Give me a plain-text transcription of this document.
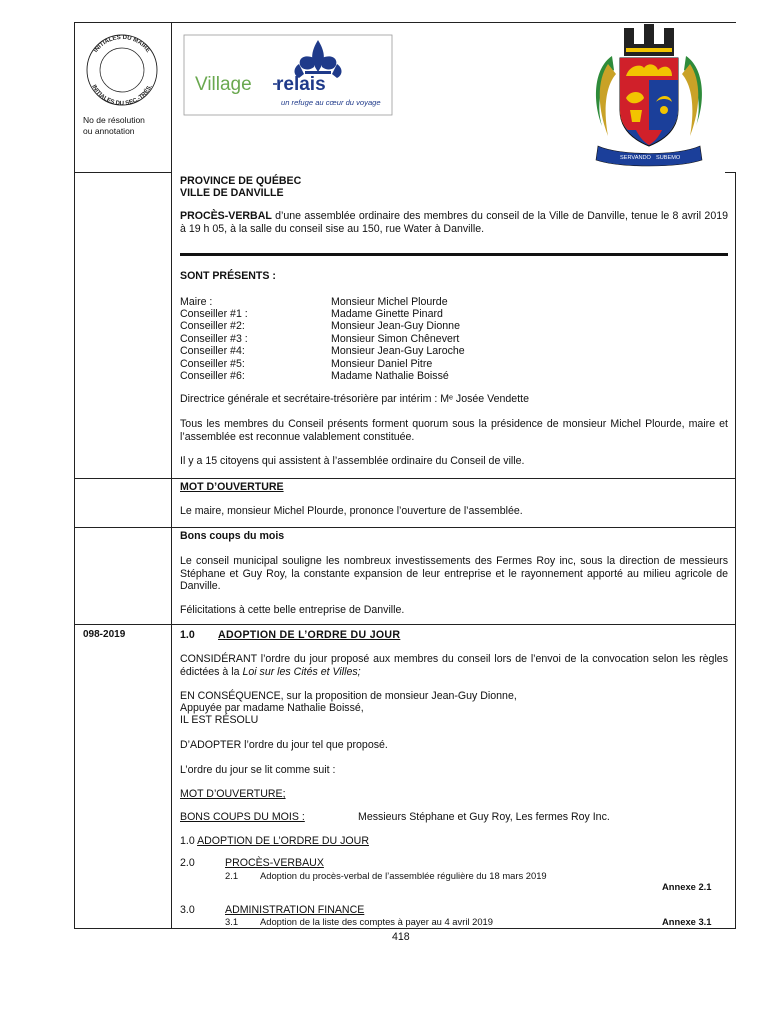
INITIALES DU MAIRE
INITIALES DU SEC.-TRÉS. Village relais
un refuge au cœur du voyage
SERVANDO SUBEMO
No de résolution
ou annotation
PROVINCE DE QUÉBEC
VILLE DE DANVILLE
PROCÈS-VERBAL d’une assemblée ordinaire des membres du conseil de la Ville de Danville, tenue le 8 avril 2019 à 19 h 05, à la salle du conseil sise au 150, rue Water à Danville.
SONT PRÉSENTS :
Maire :	Monsieur Michel Plourde
Conseiller #1 :	Madame Ginette Pinard
Conseiller #2:	Monsieur Jean-Guy Dionne
Conseiller #3 :	Monsieur Simon Chênevert
Conseiller #4:	Monsieur Jean-Guy Laroche
Conseiller #5:	Monsieur Daniel Pitre
Conseiller #6:	Madame Nathalie Boissé
Directrice générale et secrétaire-trésorière par intérim : Mᵉ Josée Vendette
Tous les membres du Conseil présents forment quorum sous la présidence de monsieur Michel Plourde, maire et l’assemblée est reconnue valablement constituée.
Il y a 15 citoyens qui assistent à l’assemblée ordinaire du Conseil de ville.
MOT D’OUVERTURE
Le maire, monsieur Michel Plourde, prononce l’ouverture de l’assemblée.
Bons coups du mois
Le conseil municipal souligne les nombreux investissements des Fermes Roy inc, sous la direction de messieurs Stéphane et Guy Roy, la constante expansion de leur entreprise et le rayonnement apporté au milieu agricole de Danville.
Félicitations à cette belle entreprise de Danville.
098-2019	1.0 ADOPTION DE L’ORDRE DU JOUR
CONSIDÉRANT l’ordre du jour proposé aux membres du conseil lors de l’envoi de la convocation selon les règles édictées à la Loi sur les Cités et Villes;
EN CONSÉQUENCE, sur la proposition de monsieur Jean-Guy Dionne,
Appuyée par madame Nathalie Boissé,
IL EST RÉSOLU
D’ADOPTER l’ordre du jour tel que proposé.
L’ordre du jour se lit comme suit :
MOT D’OUVERTURE;
BONS COUPS DU MOIS :	Messieurs Stéphane et Guy Roy, Les fermes Roy Inc.
1.0 ADOPTION DE L’ORDRE DU JOUR
2.0	PROCÈS-VERBAUX
2.1 Adoption du procès-verbal de l’assemblée régulière du 18 mars 2019
Annexe 2.1
3.0	ADMINISTRATION FINANCE
3.1 Adoption de la liste des comptes à payer au 4 avril 2019	Annexe 3.1
418
